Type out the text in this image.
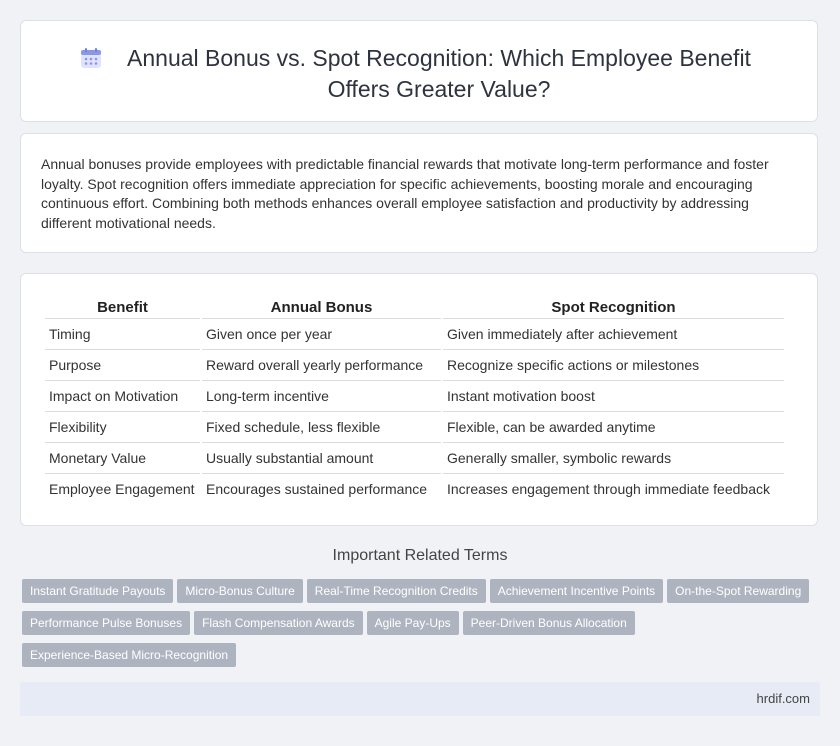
Annual Bonus vs. Spot Recognition: Which Employee Benefit Offers Greater Value?

Annual bonuses provide employees with predictable financial rewards that motivate long-term performance and foster loyalty. Spot recognition offers immediate appreciation for specific achievements, boosting morale and encouraging continuous effort. Combining both methods enhances overall employee satisfaction and productivity by addressing different motivational needs.

Benefit	Annual Bonus	Spot Recognition
Timing	Given once per year	Given immediately after achievement
Purpose	Reward overall yearly performance	Recognize specific actions or milestones
Impact on Motivation	Long-term incentive	Instant motivation boost
Flexibility	Fixed schedule, less flexible	Flexible, can be awarded anytime
Monetary Value	Usually substantial amount	Generally smaller, symbolic rewards
Employee Engagement	Encourages sustained performance	Increases engagement through immediate feedback
Important Related Terms
Instant Gratitude Payouts Micro-Bonus Culture Real-Time Recognition Credits Achievement Incentive Points On-the-Spot RewardingPerformance Pulse Bonuses Flash Compensation Awards Agile Pay-Ups Peer-Driven Bonus AllocationExperience-Based Micro-Recognition
hrdif.com
